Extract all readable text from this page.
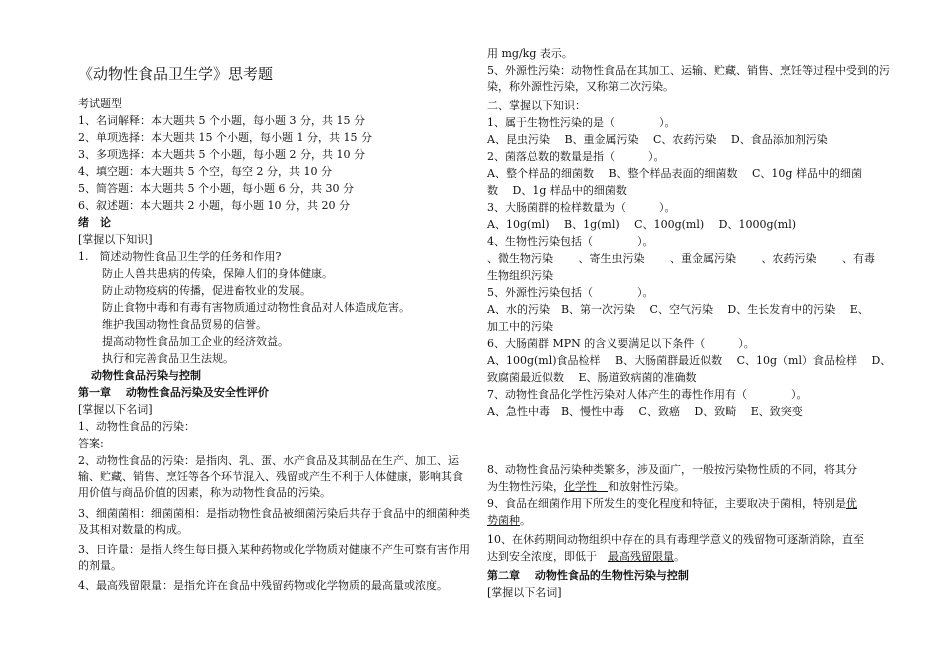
《动物性食品卫生学》思考题
考试题型
1、名词解释：本大题共 5 个小题，每小题 3 分，共 15 分
2、单项选择：本大题共 15 个小题，每小题 1 分，共 15 分
3、多项选择：本大题共 5 个小题，每小题 2 分，共 10 分
4、填空题：本大题共 5 个空，每空 2 分，共 10 分
5、简答题：本大题共 5 个小题，每小题 6 分，共 30 分
6、叙述题：本大题共 2 小题，每小题 10 分，共 20 分
绪　论
[掌握以下知识]
1.　简述动物性食品卫生学的任务和作用?
防止人兽共患病的传染，保障人们的身体健康。
防止动物疫病的传播，促进畜牧业的发展。
防止食物中毒和有毒有害物质通过动物性食品对人体造成危害。
维护我国动物性食品贸易的信誉。
提高动物性食品加工企业的经济效益。
执行和完善食品卫生法规。
动物性食品污染与控制
第一章　 动物性食品污染及安全性评价
[掌握以下名词]
1、动物性食品的污染：
答案:
2、动物性食品的污染：是指肉、乳、蛋、水产食品及其制品在生产、加工、运输、贮藏、销售、烹饪等各个环节混入、残留或产生不利于人体健康，影响其食用价值与商品价值的因素，称为动物性食品的污染。
3、细菌菌相：细菌菌相：是指动物性食品被细菌污染后共存于食品中的细菌种类及其相对数量的构成。
3、日许量：是指人终生每日摄入某种药物或化学物质对健康不产生可察有害作用的剂量。
4、最高残留限量：是指允许在食品中残留药物或化学物质的最高量或浓度。
用 mg/kg 表示。
5、外源性污染：动物性食品在其加工、运输、贮藏、销售、烹饪等过程中受到的污染，称外源性污染，又称第二次污染。
二、掌握以下知识：
1、属于生物性污染的是（　　　　）。
A、昆虫污染　 B、重金属污染　 C、农药污染　 D、食品添加剂污染
2、菌落总数的数量是指（　　　）。
A、整个样品的细菌数　 B、整个样品表面的细菌数　 C、10g 样品中的细菌
数　 D、1g 样品中的细菌数
3、大肠菌群的检样数量为（　　　）。
A、10g(ml)　 B、1g(ml)　 C、100g(ml)　 D、1000g(ml)
4、生物性污染包括（　　　　）。
、微生物污染　　 、寄生虫污染　　 、重金属污染　　 、农药污染　　 、有毒
生物组织污染
5、外源性污染包括（　　　　）。
A、水的污染　B、第一次污染　 C、空气污染　 D、生长发育中的污染　 E、
加工中的污染
6、大肠菌群 MPN 的含义要满足以下条件（　　　）。
A、100g(ml)食品检样　 B、大肠菌群最近似数　 C、10g（ml）食品检样　 D、
致腐菌最近似数　 E、肠道致病菌的准确数
7、动物性食品化学性污染对人体产生的毒性作用有（　　　　）。
A、急性中毒　B、慢性中毒　 C、致癌　 D、致畸　 E、致突变
8、动物性食品污染种类繁多，涉及面广，一般按污染物性质的不同，将其分
为生物性污染，化学性　和放射性污染。
9、食品在细菌作用下所发生的变化程度和特征，主要取决于菌相，特别是优
势菌种。
10、在休药期间动物组织中存在的具有毒理学意义的残留物可逐渐消除，直至
达到安全浓度，即低于　最高残留限量。
第二章　 动物性食品的生物性污染与控制
[掌握以下名词]
